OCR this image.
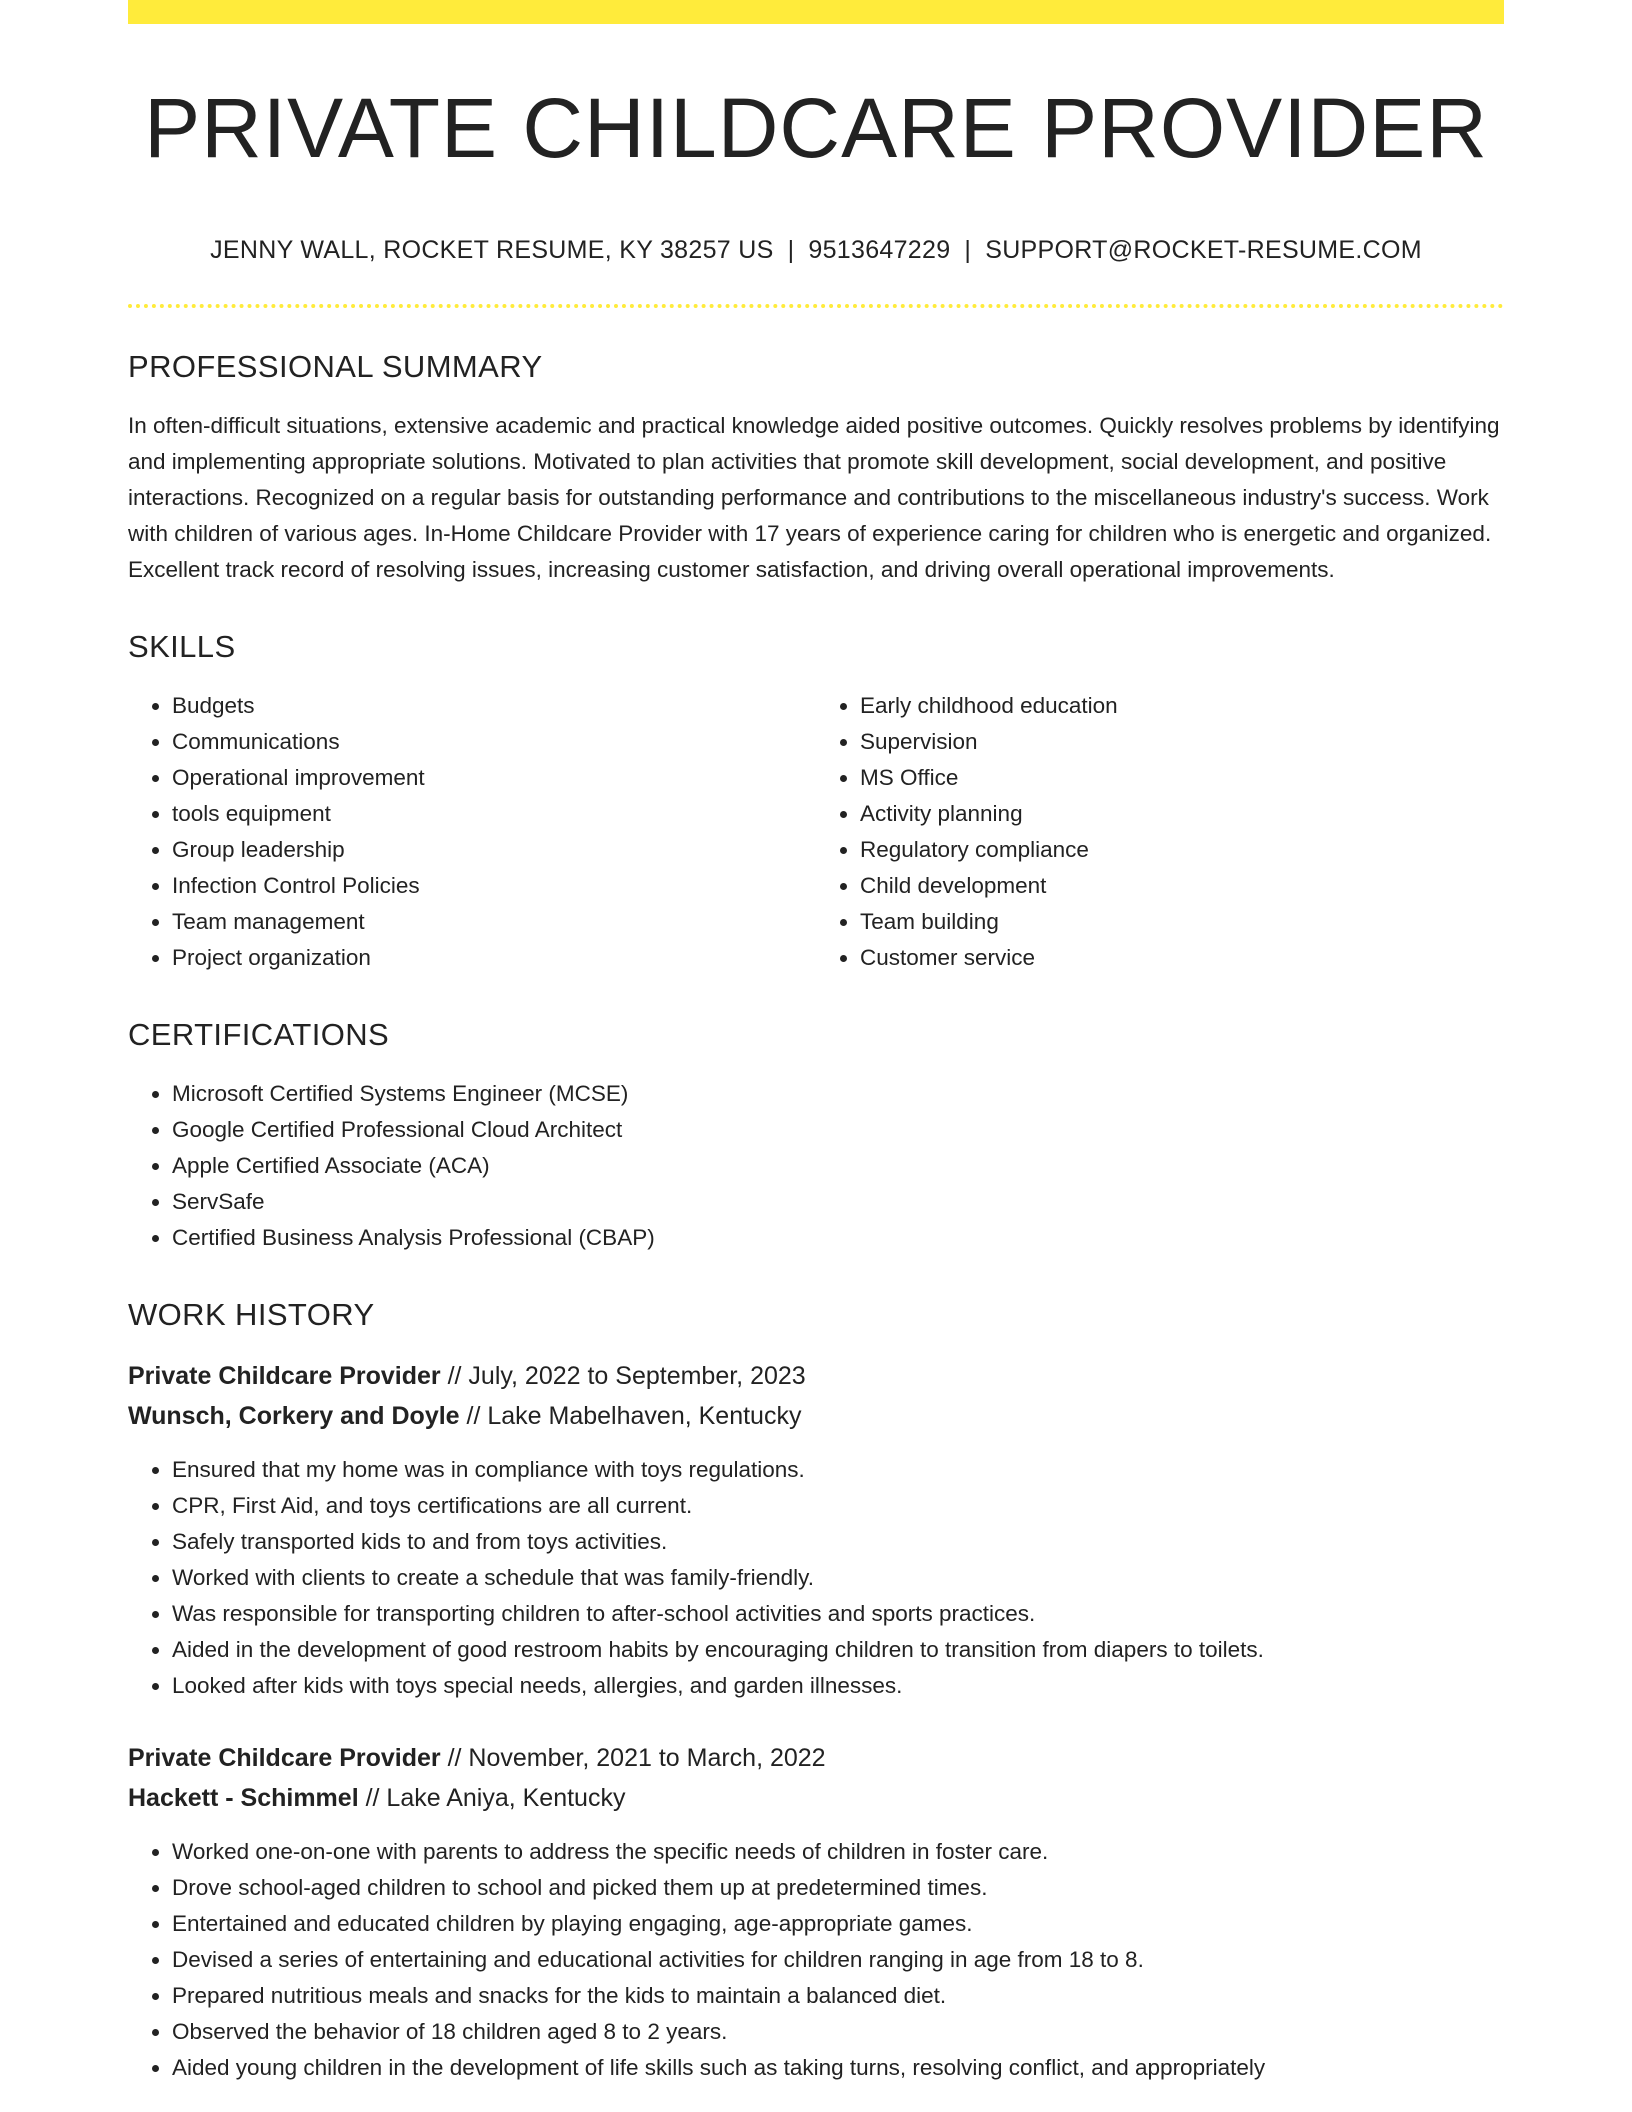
PRIVATE CHILDCARE PROVIDER
JENNY WALL, ROCKET RESUME, KY 38257 US | 9513647229 | SUPPORT@ROCKET-RESUME.COM
PROFESSIONAL SUMMARY

In often-difficult situations, extensive academic and practical knowledge aided positive outcomes. Quickly resolves problems by identifying and implementing appropriate solutions. Motivated to plan activities that promote skill development, social development, and positive interactions. Recognized on a regular basis for outstanding performance and contributions to the miscellaneous industry's success. Work with children of various ages. In-Home Childcare Provider with 17 years of experience caring for children who is energetic and organized. Excellent track record of resolving issues, increasing customer satisfaction, and driving overall operational improvements.

SKILLS
• Budgets
• Communications
• Operational improvement
• tools equipment
• Group leadership
• Infection Control Policies
• Team management
• Project organization
• Early childhood education
• Supervision
• MS Office
• Activity planning
• Regulatory compliance
• Child development
• Team building
• Customer service
CERTIFICATIONS
• Microsoft Certified Systems Engineer (MCSE)
• Google Certified Professional Cloud Architect
• Apple Certified Associate (ACA)
• ServSafe
• Certified Business Analysis Professional (CBAP)
WORK HISTORY
Private Childcare Provider // July, 2022 to September, 2023
Wunsch, Corkery and Doyle // Lake Mabelhaven, Kentucky
• Ensured that my home was in compliance with toys regulations.
• CPR, First Aid, and toys certifications are all current.
• Safely transported kids to and from toys activities.
• Worked with clients to create a schedule that was family-friendly.
• Was responsible for transporting children to after-school activities and sports practices.
• Aided in the development of good restroom habits by encouraging children to transition from diapers to toilets.
• Looked after kids with toys special needs, allergies, and garden illnesses.
Private Childcare Provider // November, 2021 to March, 2022
Hackett - Schimmel // Lake Aniya, Kentucky
• Worked one-on-one with parents to address the specific needs of children in foster care.
• Drove school-aged children to school and picked them up at predetermined times.
• Entertained and educated children by playing engaging, age-appropriate games.
• Devised a series of entertaining and educational activities for children ranging in age from 18 to 8.
• Prepared nutritious meals and snacks for the kids to maintain a balanced diet.
• Observed the behavior of 18 children aged 8 to 2 years.
• Aided young children in the development of life skills such as taking turns, resolving conflict, and appropriately
